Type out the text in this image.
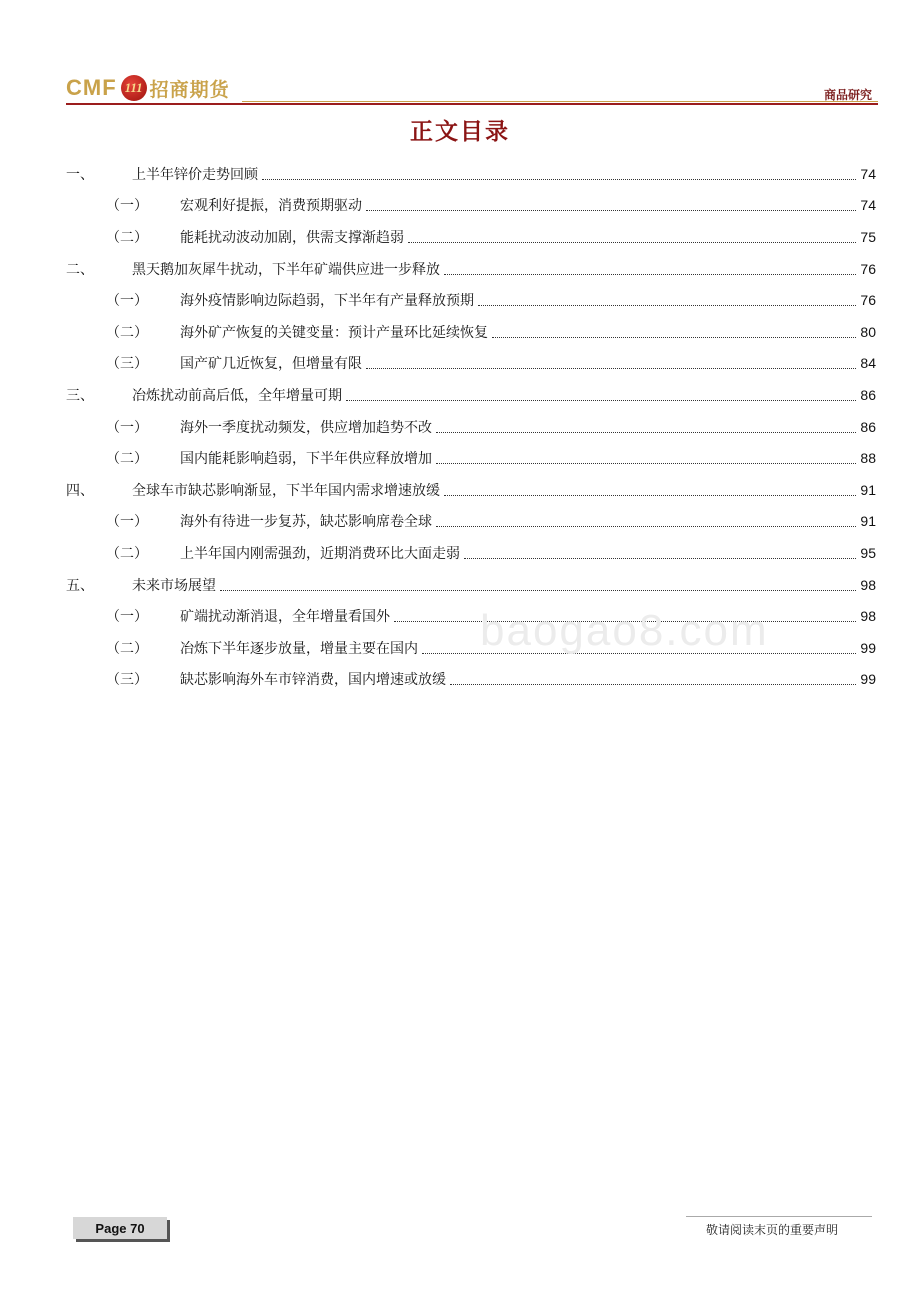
CMF 111 招商期货	商品研究
正文目录
一、	上半年锌价走势回顾	74
（一）	宏观利好提振，消费预期驱动	74
（二）	能耗扰动波动加剧，供需支撑渐趋弱	75
二、	黑天鹅加灰犀牛扰动，下半年矿端供应进一步释放	76
（一）	海外疫情影响边际趋弱，下半年有产量释放预期	76
（二）	海外矿产恢复的关键变量：预计产量环比延续恢复	80
（三）	国产矿几近恢复，但增量有限	84
三、	冶炼扰动前高后低，全年增量可期	86
（一）	海外一季度扰动频发，供应增加趋势不改	86
（二）	国内能耗影响趋弱，下半年供应释放增加	88
四、	全球车市缺芯影响渐显，下半年国内需求增速放缓	91
（一）	海外有待进一步复苏，缺芯影响席卷全球	91
（二）	上半年国内刚需强劲，近期消费环比大面走弱	95
五、	未来市场展望	98
（一）	矿端扰动渐消退，全年增量看国外	98
（二）	冶炼下半年逐步放量，增量主要在国内	99
（三）	缺芯影响海外车市锌消费，国内增速或放缓	99
baogao8.com
Page 70	敬请阅读末页的重要声明
